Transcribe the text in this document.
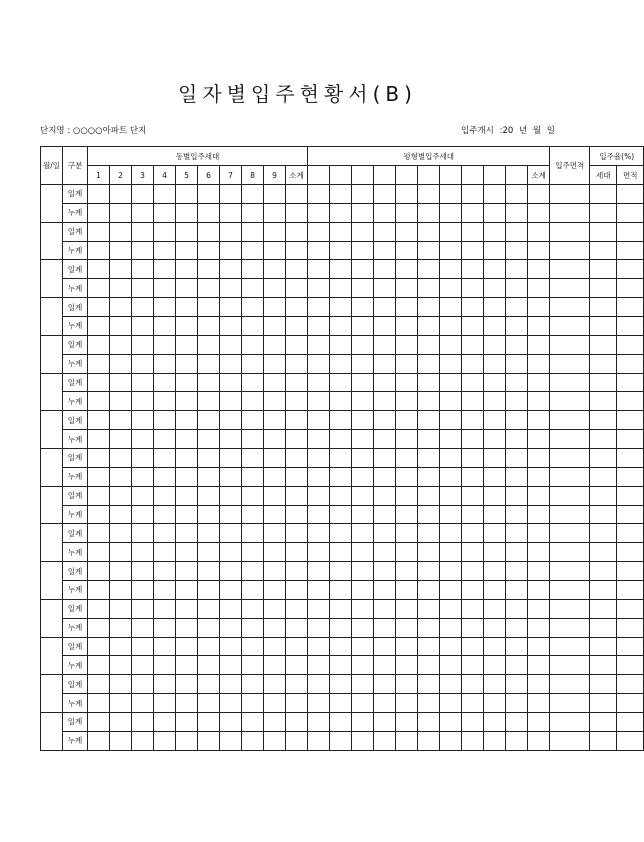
일자별입주현황서(B)
단지명 : ○○○○아파트 단지	입주개시 :20 년 월 일
월/일	구분	동별입주세대										평형별입주세대											입주면적	입주율(%)	
		1	2	3	4	5	6	7	8	9	소계											소계		세대	면적
	일계																								
	누계																								
	일계																								
	누계																								
	일계																								
	누계																								
	일계																								
	누계																								
	일계																								
	누계																								
	일계																								
	누계																								
	일계																								
	누계																								
	일계																								
	누계																								
	일계																								
	누계																								
	일계																								
	누계																								
	일계																								
	누계																								
	일계																								
	누계																								
	일계																								
	누계																								
	일계																								
	누계																								
	일계																								
	누계																								
